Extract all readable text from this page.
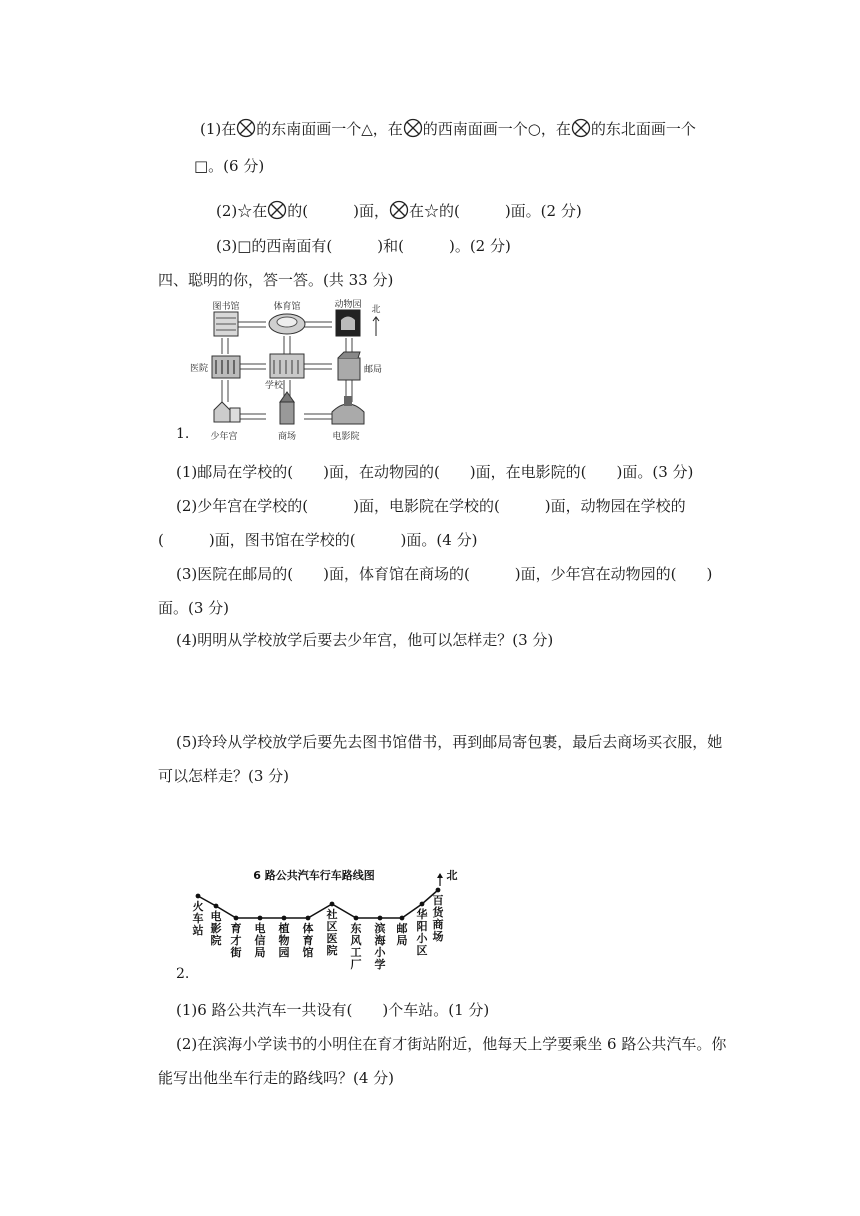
(1)在 的东南面画一个△，在 的西南面画一个○，在 的东北面画一个
□。(6 分)
(2)☆在 的(　　　)面， 在☆的(　　　)面。(2 分)
(3)□的西南面有(　　　)和(　　　)。(2 分)
四、聪明的你，答一答。(共 33 分)
图书馆	体育馆	动物园
医院
学校
邮局
少年宫	商场	电影院
北
1.
(1)邮局在学校的(　　)面，在动物园的(　　)面，在电影院的(　　)面。(3 分)
(2)少年宫在学校的(　　　)面，电影院在学校的(　　　)面，动物园在学校的
(　　　)面，图书馆在学校的(　　　)面。(4 分)
(3)医院在邮局的(　　)面，体育馆在商场的(　　　)面，少年宫在动物园的(　　)
面。(3 分)
(4)明明从学校放学后要去少年宫，他可以怎样走？(3 分)
(5)玲玲从学校放学后要先去图书馆借书，再到邮局寄包裹，最后去商场买衣服，她
可以怎样走？(3 分)
6 路公共汽车行车路线图	北
火车站
电影院
育才街
电信局
植物园
体育馆
社区医院
东风工厂
滨海小学
邮局
华阳小区
百货商场
2.
(1)6 路公共汽车一共设有(　　)个车站。(1 分)
(2)在滨海小学读书的小明住在育才街站附近，他每天上学要乘坐 6 路公共汽车。你
能写出他坐车行走的路线吗？(4 分)
